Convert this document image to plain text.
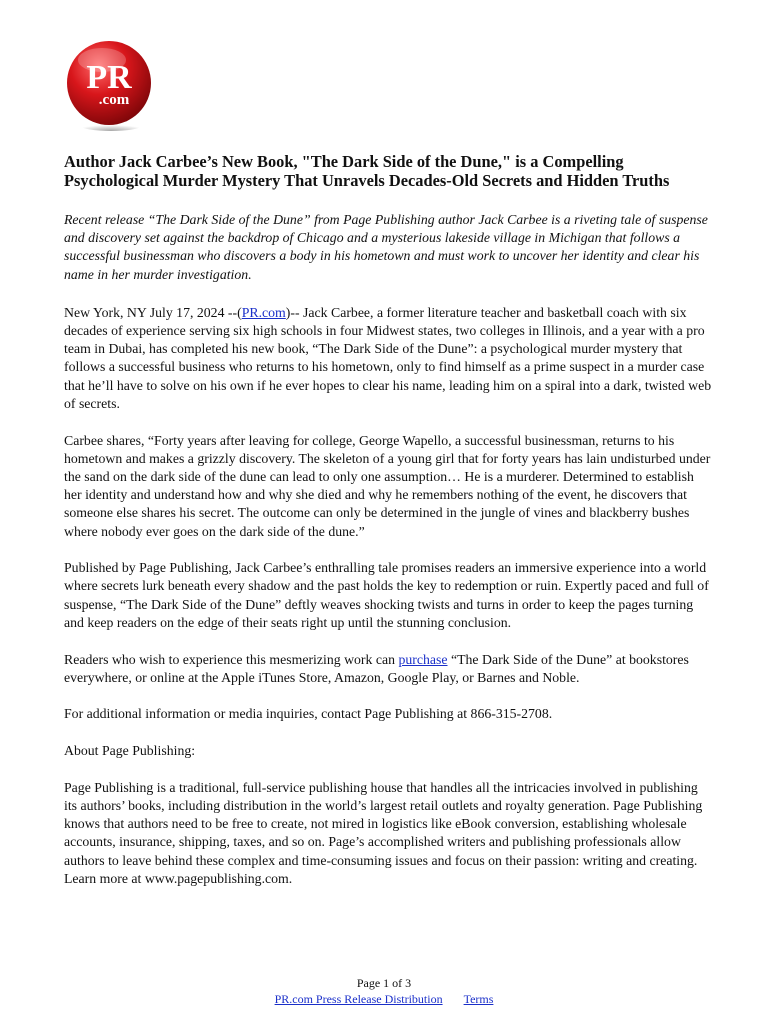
PR
.com
Author Jack Carbee’s New Book, "The Dark Side of the Dune," is a Compelling Psychological Murder Mystery That Unravels Decades-Old Secrets and Hidden Truths
Recent release “The Dark Side of the Dune” from Page Publishing author Jack Carbee is a riveting tale of suspense and discovery set against the backdrop of Chicago and a mysterious lakeside village in Michigan that follows a successful businessman who discovers a body in his hometown and must work to uncover her identity and clear his name in her murder investigation.

New York, NY July 17, 2024 --(PR.com)-- Jack Carbee, a former literature teacher and basketball coach with six decades of experience serving six high schools in four Midwest states, two colleges in Illinois, and a year with a pro team in Dubai, has completed his new book, “The Dark Side of the Dune”: a psychological murder mystery that follows a successful business who returns to his hometown, only to find himself as a prime suspect in a murder case that he’ll have to solve on his own if he ever hopes to clear his name, leading him on a spiral into a dark, twisted web of secrets.

Carbee shares, “Forty years after leaving for college, George Wapello, a successful businessman, returns to his hometown and makes a grizzly discovery. The skeleton of a young girl that for forty years has lain undisturbed under the sand on the dark side of the dune can lead to only one assumption… He is a murderer. Determined to establish her identity and understand how and why she died and why he remembers nothing of the event, he discovers that someone else shares his secret. The outcome can only be determined in the jungle of vines and blackberry bushes where nobody ever goes on the dark side of the dune.”

Published by Page Publishing, Jack Carbee’s enthralling tale promises readers an immersive experience into a world where secrets lurk beneath every shadow and the past holds the key to redemption or ruin. Expertly paced and full of suspense, “The Dark Side of the Dune” deftly weaves shocking twists and turns in order to keep the pages turning and keep readers on the edge of their seats right up until the stunning conclusion.

Readers who wish to experience this mesmerizing work can purchase “The Dark Side of the Dune” at bookstores everywhere, or online at the Apple iTunes Store, Amazon, Google Play, or Barnes and Noble.

For additional information or media inquiries, contact Page Publishing at 866-315-2708.

About Page Publishing:

Page Publishing is a traditional, full-service publishing house that handles all the intricacies involved in publishing its authors’ books, including distribution in the world’s largest retail outlets and royalty generation. Page Publishing knows that authors need to be free to create, not mired in logistics like eBook conversion, establishing wholesale accounts, insurance, shipping, taxes, and so on. Page’s accomplished writers and publishing professionals allow authors to leave behind these complex and time-consuming issues and focus on their passion: writing and creating. Learn more at www.pagepublishing.com.

Page 1 of 3
PR.com Press Release Distribution Terms
